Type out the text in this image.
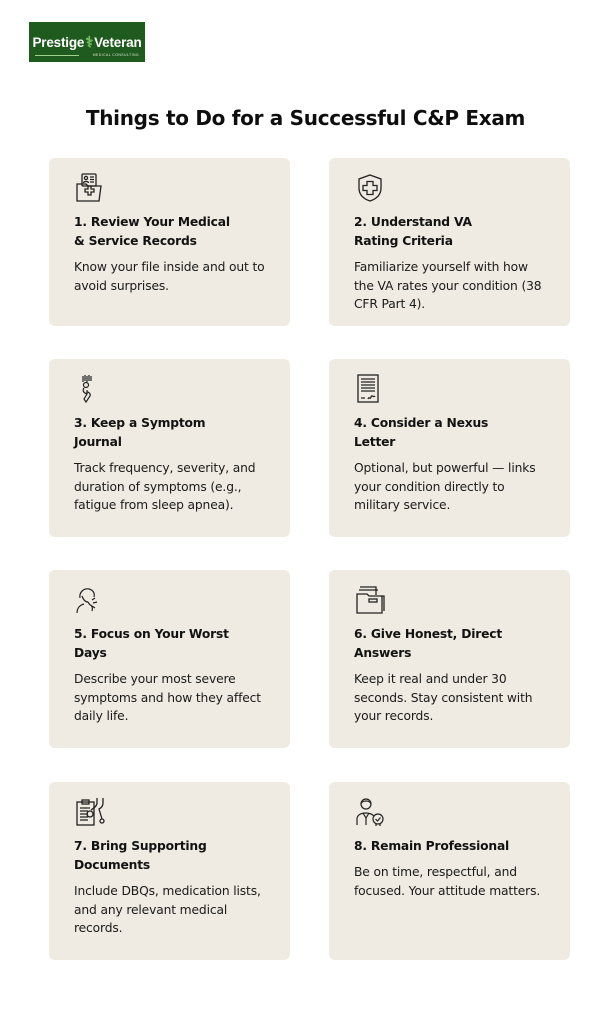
Prestige ⚕ Veteran
MEDICAL CONSULTING
Things to Do for a Successful C&P Exam
1. Review Your Medical
& Service Records

Know your file inside and out to avoid surprises.

2. Understand VA
Rating Criteria

Familiarize yourself with how the VA rates your condition (38 CFR Part 4).

3. Keep a Symptom
Journal

Track frequency, severity, and duration of symptoms (e.g., fatigue from sleep apnea).

4. Consider a Nexus
Letter

Optional, but powerful — links your condition directly to military service.

5. Focus on Your Worst
Days

Describe your most severe symptoms and how they affect daily life.

6. Give Honest, Direct
Answers

Keep it real and under 30 seconds. Stay consistent with your records.

7. Bring Supporting
Documents

Include DBQs, medication lists, and any relevant medical records.

8. Remain Professional

Be on time, respectful, and focused. Your attitude matters.
